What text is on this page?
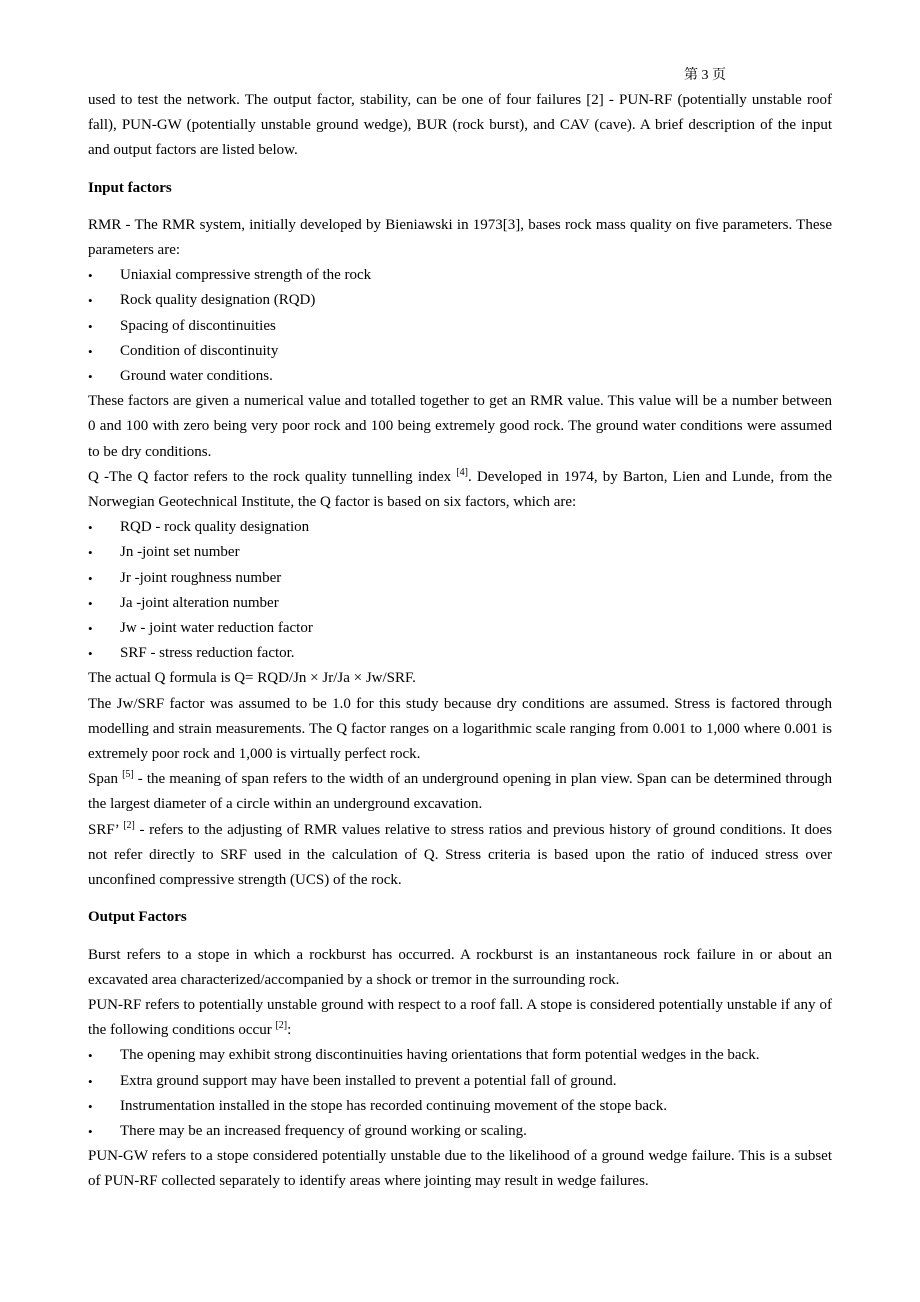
第 3 页

used to test the network. The output factor, stability, can be one of four failures [2] - PUN-RF (potentially unstable roof fall), PUN-GW (potentially unstable ground wedge), BUR (rock burst), and CAV (cave). A brief description of the input and output factors are listed below.

Input factors

RMR - The RMR system, initially developed by Bieniawski in 1973[3], bases rock mass quality on five parameters. These parameters are:

• Uniaxial compressive strength of the rock
• Rock quality designation (RQD)
• Spacing of discontinuities
• Condition of discontinuity
• Ground water conditions.

These factors are given a numerical value and totalled together to get an RMR value. This value will be a number between 0 and 100 with zero being very poor rock and 100 being extremely good rock. The ground water conditions were assumed to be dry conditions.

Q -The Q factor refers to the rock quality tunnelling index [4]. Developed in 1974, by Barton, Lien and Lunde, from the Norwegian Geotechnical Institute, the Q factor is based on six factors, which are:

• RQD - rock quality designation
• Jn -joint set number
• Jr -joint roughness number
• Ja -joint alteration number
• Jw - joint water reduction factor
• SRF - stress reduction factor.

The actual Q formula is Q= RQD/Jn × Jr/Ja × Jw/SRF.

The Jw/SRF factor was assumed to be 1.0 for this study because dry conditions are assumed. Stress is factored through modelling and strain measurements. The Q factor ranges on a logarithmic scale ranging from 0.001 to 1,000 where 0.001 is extremely poor rock and 1,000 is virtually perfect rock.

Span [5] - the meaning of span refers to the width of an underground opening in plan view. Span can be determined through the largest diameter of a circle within an underground excavation.

SRF’ [2] - refers to the adjusting of RMR values relative to stress ratios and previous history of ground conditions. It does not refer directly to SRF used in the calculation of Q. Stress criteria is based upon the ratio of induced stress over unconfined compressive strength (UCS) of the rock.

Output Factors

Burst refers to a stope in which a rockburst has occurred. A rockburst is an instantaneous rock failure in or about an excavated area characterized/accompanied by a shock or tremor in the surrounding rock.

PUN-RF refers to potentially unstable ground with respect to a roof fall. A stope is considered potentially unstable if any of the following conditions occur [2]:

• The opening may exhibit strong discontinuities having orientations that form potential wedges in the back.
• Extra ground support may have been installed to prevent a potential fall of ground.
• Instrumentation installed in the stope has recorded continuing movement of the stope back.
• There may be an increased frequency of ground working or scaling.

PUN-GW refers to a stope considered potentially unstable due to the likelihood of a ground wedge failure. This is a subset of PUN-RF collected separately to identify areas where jointing may result in wedge failures.
